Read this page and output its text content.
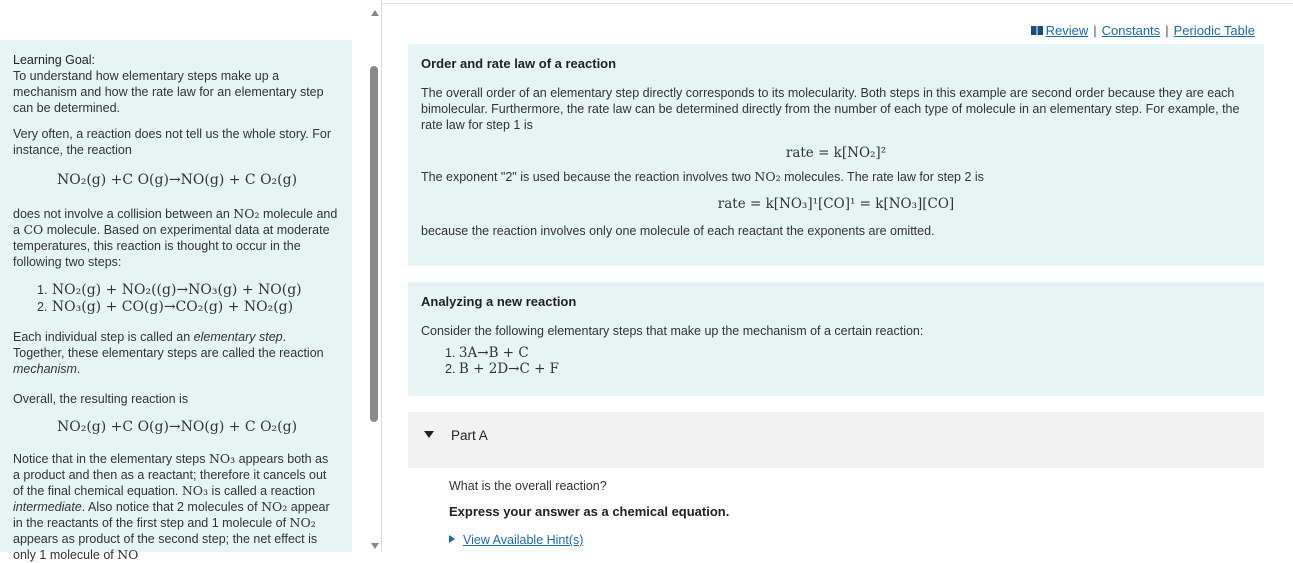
Learning Goal:

To understand how elementary steps make up a mechanism and how the rate law for an elementary step can be determined.

Very often, a reaction does not tell us the whole story. For instance, the reaction

NO₂(g) +C O(g)→NO(g) + C O₂(g)

does not involve a collision between an NO₂ molecule and a CO molecule. Based on experimental data at moderate temperatures, this reaction is thought to occur in the following two steps:

1. NO₂(g) + NO₂((g)→NO₃(g) + NO(g)
2. NO₃(g) + CO(g)→CO₂(g) + NO₂(g)

Each individual step is called an elementary step. Together, these elementary steps are called the reaction mechanism.

Overall, the resulting reaction is

NO₂(g) +C O(g)→NO(g) + C O₂(g)

Notice that in the elementary steps NO₃ appears both as a product and then as a reactant; therefore it cancels out of the final chemical equation. NO₃ is called a reaction intermediate. Also notice that 2 molecules of NO₂ appear in the reactants of the first step and 1 molecule of NO₂ appears as product of the second step; the net effect is only 1 molecule of NO

Review | Constants | Periodic Table
Order and rate law of a reaction

The overall order of an elementary step directly corresponds to its molecularity. Both steps in this example are second order because they are each bimolecular. Furthermore, the rate law can be determined directly from the number of each type of molecule in an elementary step. For example, the rate law for step 1 is

rate = k[NO₂]²

The exponent "2" is used because the reaction involves two NO₂ molecules. The rate law for step 2 is

rate = k[NO₃]¹[CO]¹ = k[NO₃][CO]

because the reaction involves only one molecule of each reactant the exponents are omitted.

Analyzing a new reaction

Consider the following elementary steps that make up the mechanism of a certain reaction:

1. 3A→B + C
2. B + 2D→C + F
Part A
What is the overall reaction?
Express your answer as a chemical equation.
View Available Hint(s)
